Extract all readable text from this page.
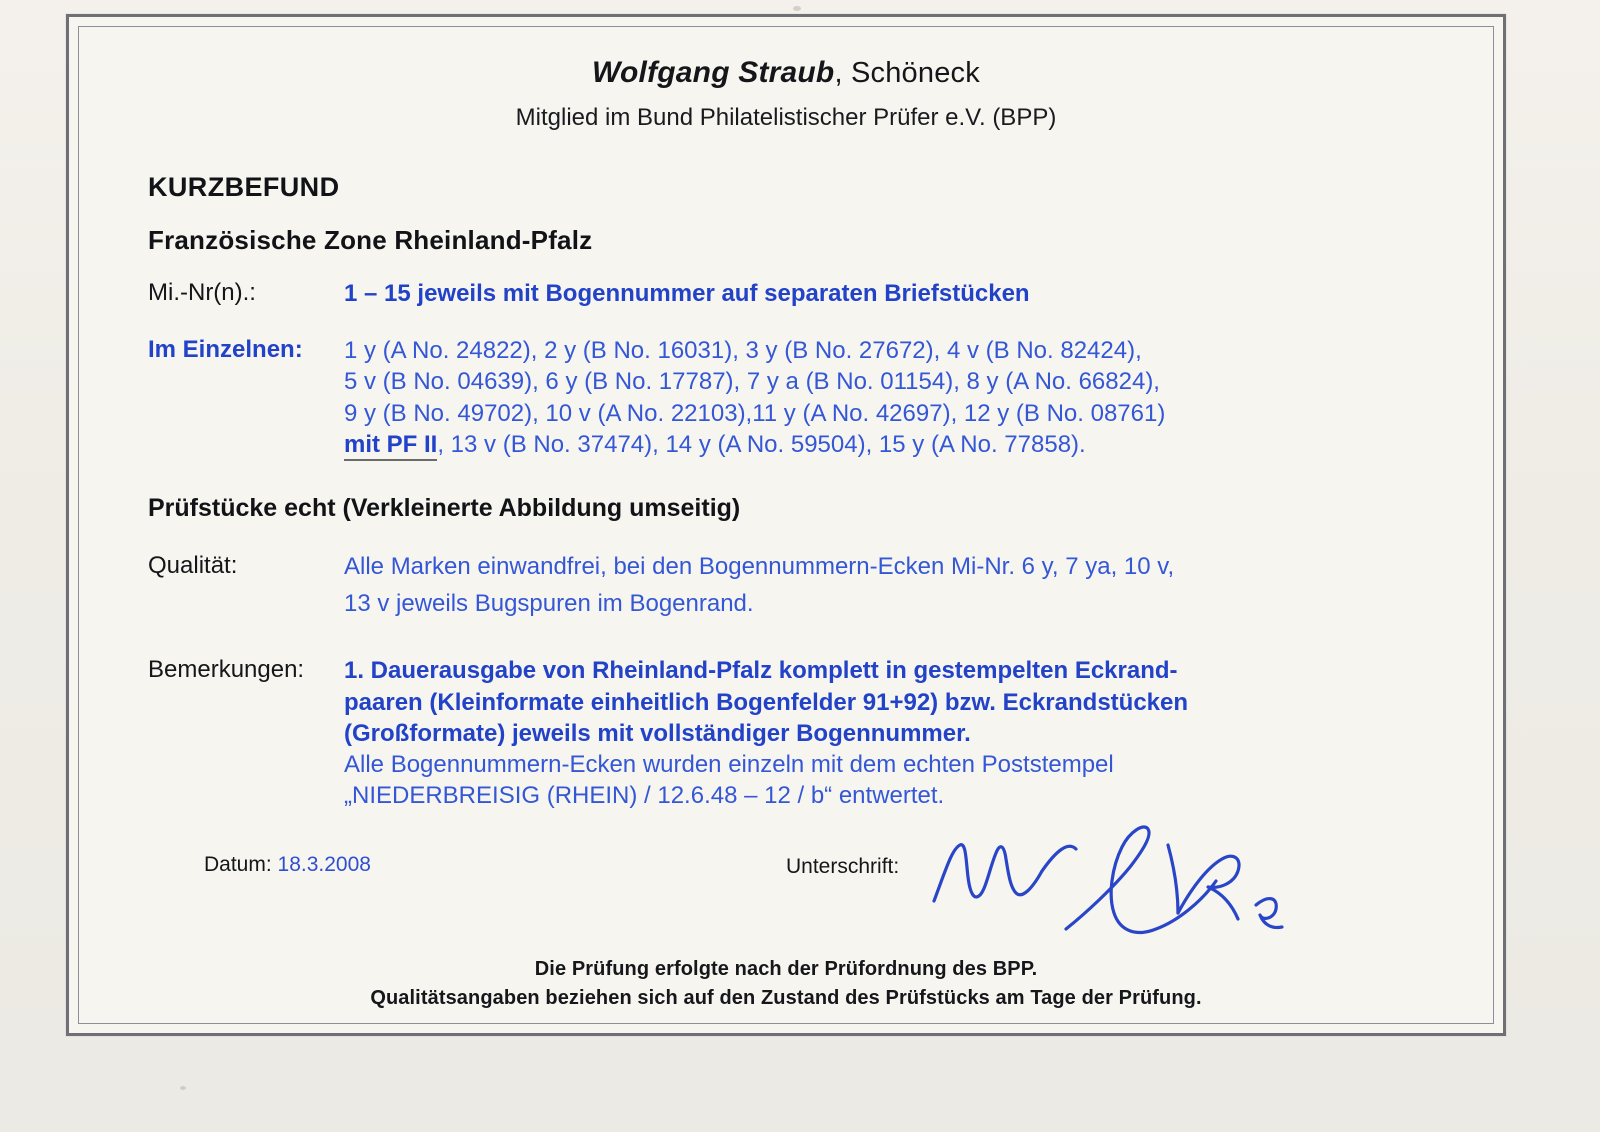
Wolfgang Straub, Schöneck
Mitglied im Bund Philatelistischer Prüfer e.V. (BPP)
KURZBEFUND
Französische Zone Rheinland-Pfalz
Mi.-Nr(n).:	1 – 15 jeweils mit Bogennummer auf separaten Briefstücken
Im Einzelnen:	1 y (A No. 24822), 2 y (B No. 16031), 3 y (B No. 27672), 4 v (B No. 82424),
5 v (B No. 04639), 6 y (B No. 17787), 7 y a (B No. 01154), 8 y (A No. 66824),
9 y (B No. 49702), 10 v (A No. 22103),11 y (A No. 42697), 12 y (B No. 08761)
mit PF II, 13 v (B No. 37474), 14 y (A No. 59504), 15 y (A No. 77858).
Prüfstücke echt (Verkleinerte Abbildung umseitig)
Qualität:	Alle Marken einwandfrei, bei den Bogennummern-Ecken Mi-Nr. 6 y, 7 ya, 10 v,
13 v jeweils Bugspuren im Bogenrand.
Bemerkungen:	1. Dauerausgabe von Rheinland-Pfalz komplett in gestempelten Eckrand-
paaren (Kleinformate einheitlich Bogenfelder 91+92) bzw. Eckrandstücken
(Großformate) jeweils mit vollständiger Bogennummer.
Alle Bogennummern-Ecken wurden einzeln mit dem echten Poststempel
„NIEDERBREISIG (RHEIN) / 12.6.48 – 12 / b“ entwertet.
Datum: 18.3.2008	Unterschrift:
Die Prüfung erfolgte nach der Prüfordnung des BPP.
Qualitätsangaben beziehen sich auf den Zustand des Prüfstücks am Tage der Prüfung.
